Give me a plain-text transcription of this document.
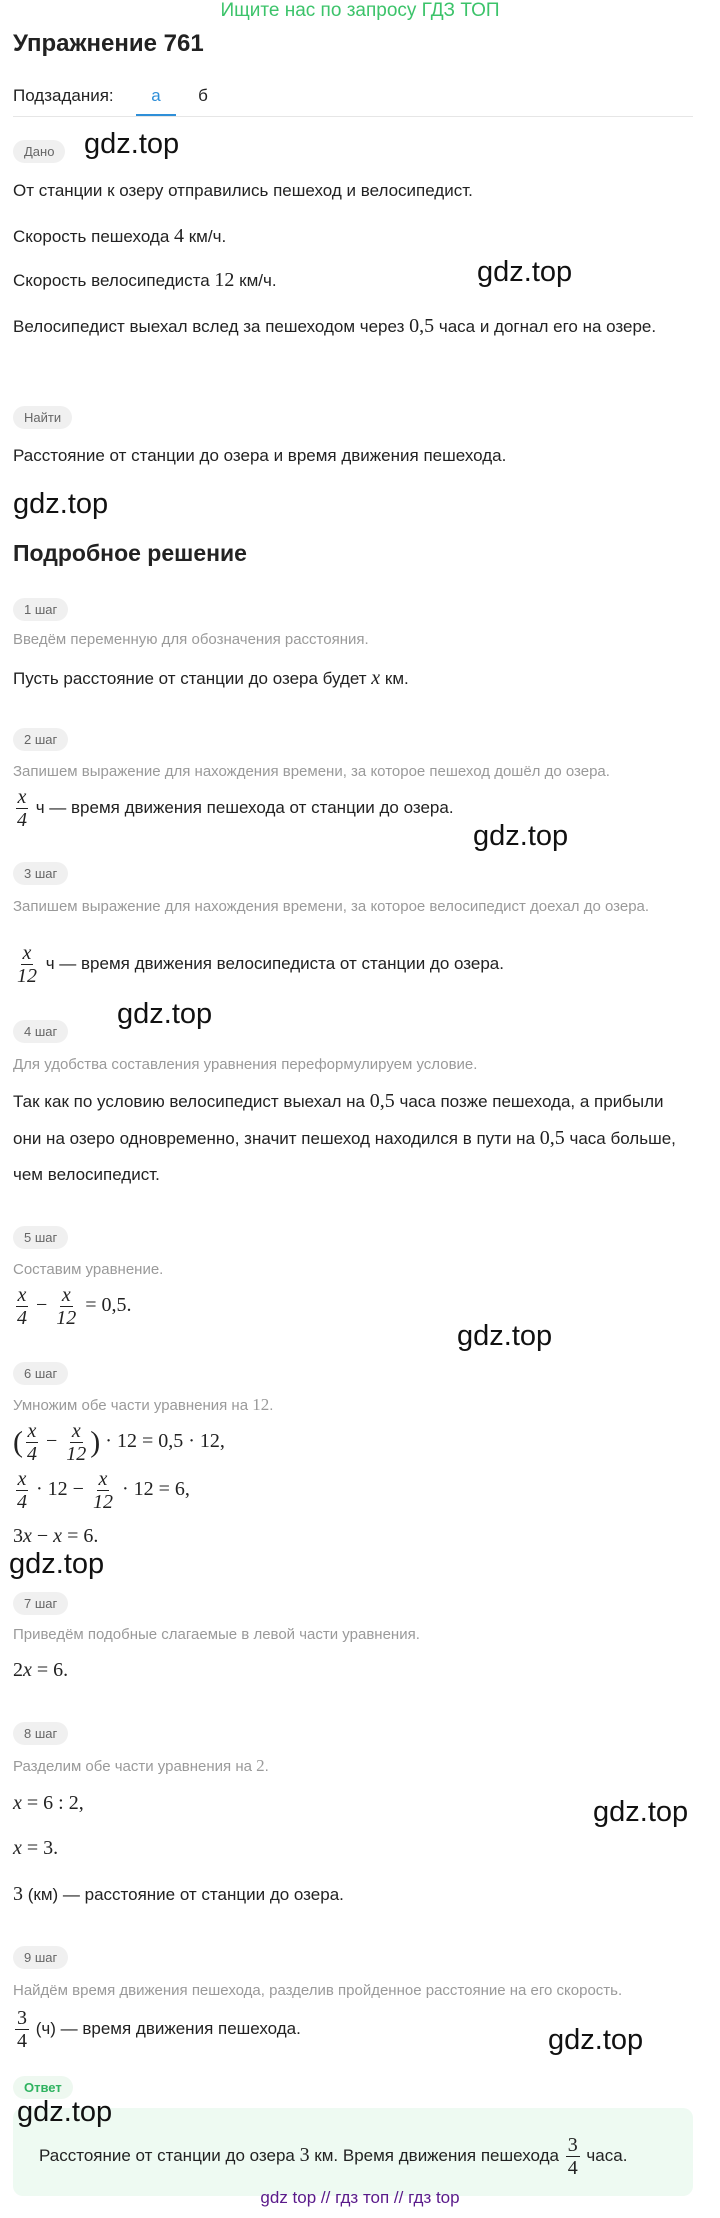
Ищите нас по запросу ГДЗ ТОП
Упражнение 761
Подзадания:	а	б
Дано	gdz.top
От станции к озеру отправились пешеход и велосипедист.
Скорость пешехода 4 км/ч.
Скорость велосипедиста 12 км/ч.	gdz.top
Велосипедист выехал вслед за пешеходом через 0,5 часа и догнал его на озере.
Найти
Расстояние от станции до озера и время движения пешехода.
gdz.top
Подробное решение
1 шаг
Введём переменную для обозначения расстояния.
Пусть расстояние от станции до озера будет x км.
2 шаг
Запишем выражение для нахождения времени, за которое пешеход дошёл до озера.
$\frac{x}{4}$ ч — время движения пешехода от станции до озера.
gdz.top
3 шаг
Запишем выражение для нахождения времени, за которое велосипедист доехал до озера.
$\frac{x}{12}$ ч — время движения велосипедиста от станции до озера.
4 шаг
gdz.top
Для удобства составления уравнения переформулируем условие.
Так как по условию велосипедист выехал на 0,5 часа позже пешехода, а прибыли они на озеро одновременно, значит пешеход находился в пути на 0,5 часа больше, чем велосипедист.
5 шаг
Составим уравнение.
$\frac{x}{4} - \frac{x}{12} = 0,5$.
gdz.top
6 шаг
Умножим обе части уравнения на 12.
( $\frac{x}{4} - \frac{x}{12}$ ) · 12 = 0,5 · 12,
$\frac{x}{4} \cdot 12 - \frac{x}{12} \cdot 12 = 6$,
3x − x = 6.
gdz.top
7 шаг
Приведём подобные слагаемые в левой части уравнения.
2x = 6.
8 шаг
Разделим обе части уравнения на 2.
x = 6 : 2,	gdz.top
x = 3.
3 (км) — расстояние от станции до озера.
9 шаг
Найдём время движения пешехода, разделив пройденное расстояние на его скорость.
$\frac{3}{4} (ч)$ — время движения пешехода.	gdz.top
Ответ
Расстояние от станции до озера 3 км. Время движения пешехода $\frac{3}{4}$ часа.
gdz.top
gdz top // гдз топ // гдз top
